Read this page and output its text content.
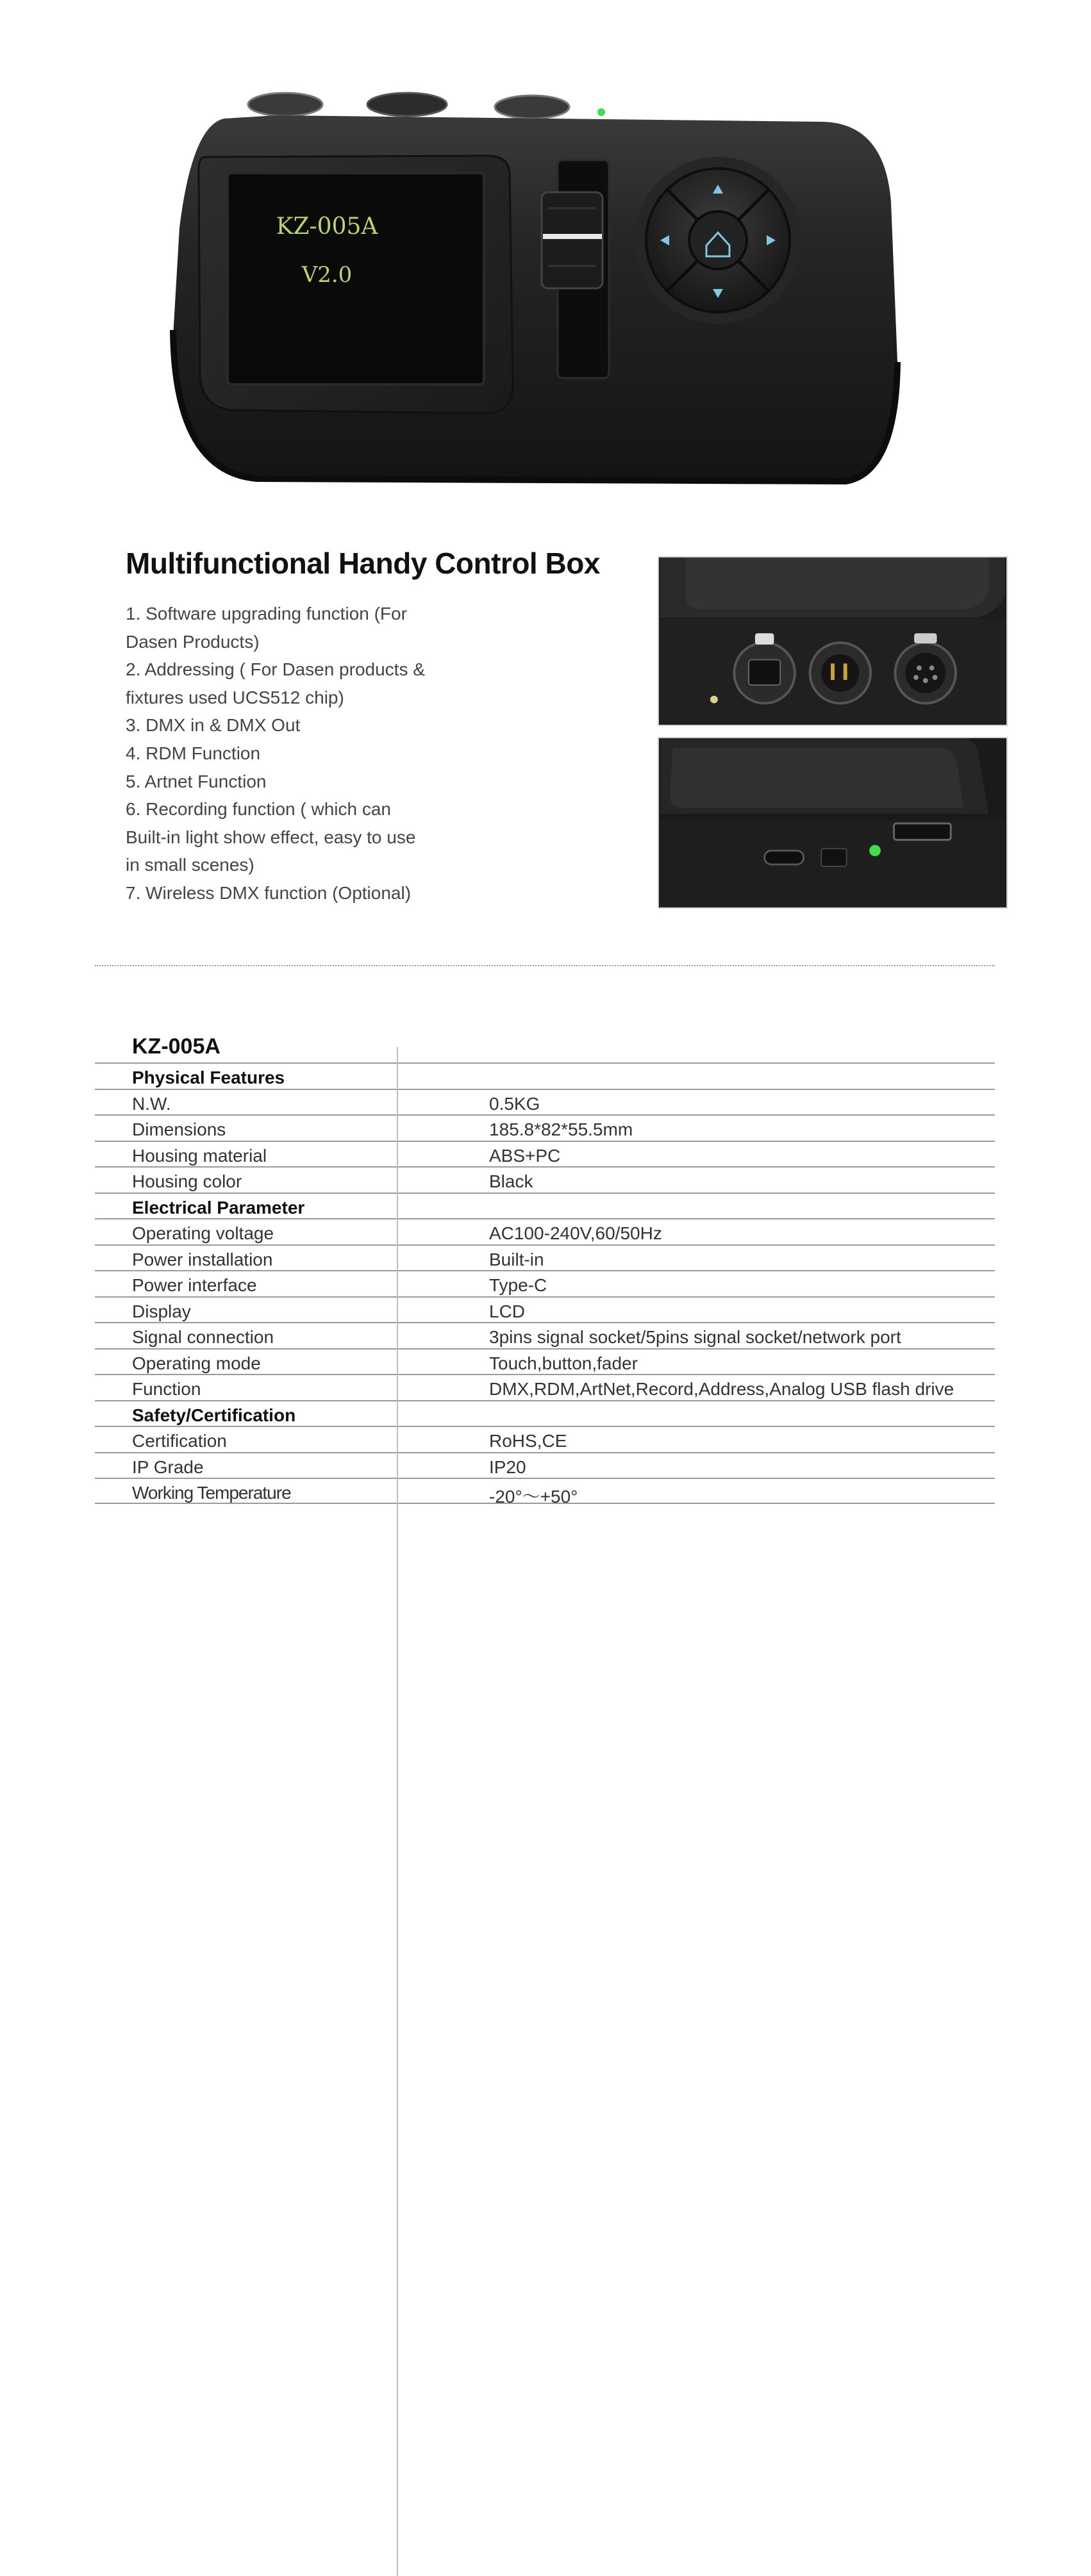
KZ-005A
V2.0
Multifunctional Handy Control Box
1. Software upgrading function (For
Dasen Products)
2. Addressing ( For Dasen products &
fixtures used UCS512 chip)
3. DMX in & DMX Out
4. RDM Function
5. Artnet Function
6. Recording function ( which can
Built-in light show effect, easy to use
in small scenes)
7. Wireless DMX function (Optional)
KZ-005A
Physical Features
N.W.	0.5KG
Dimensions	185.8*82*55.5mm
Housing material	ABS+PC
Housing color	Black
Electrical Parameter
Operating voltage	AC100-240V,60/50Hz
Power installation	Built-in
Power interface	Type-C
Display	LCD
Signal connection	3pins signal socket/5pins signal socket/network port
Operating mode	Touch,button,fader
Function	DMX,RDM,ArtNet,Record,Address,Analog USB flash drive
Safety/Certification
Certification	RoHS,CE
IP Grade	IP20
Working Temperature	-20°～+50°
